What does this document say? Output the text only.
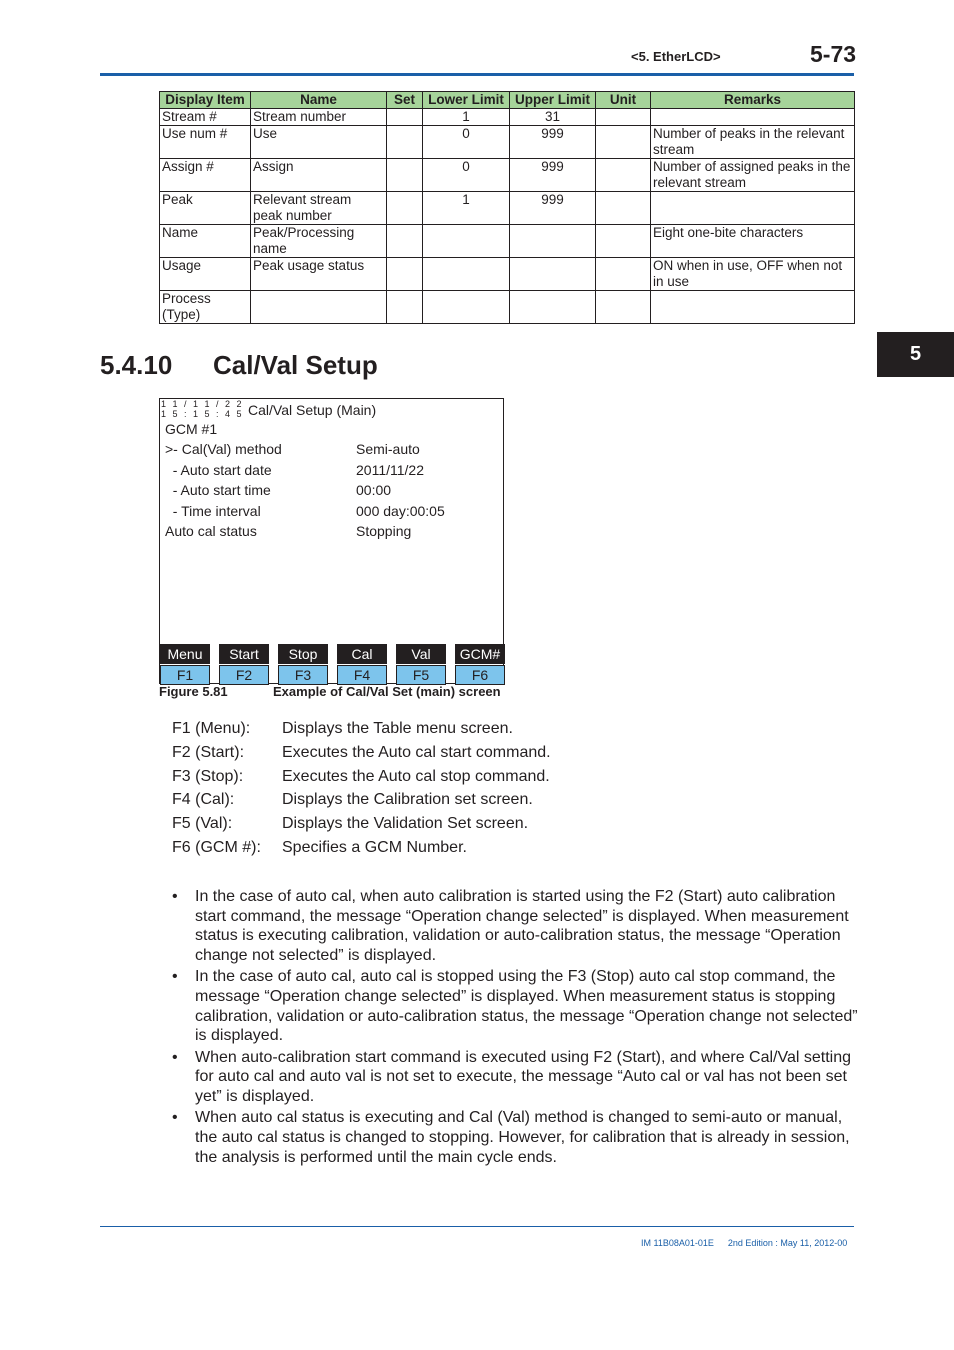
<5. EtherLCD>	5-73
5
Display Item	Name	Set	Lower Limit	Upper Limit	Unit	Remarks
Stream #	Stream number		1	31		
Use num #	Use		0	999		Number of peaks in the relevant stream
Assign #	Assign		0	999		Number of assigned peaks in the relevant stream
Peak	Relevant stream peak number		1	999		
Name	Peak/Processing name					Eight one-bite characters
Usage	Peak usage status					ON when in use, OFF when not in use
Process (Type)						
5.4.10 Cal/Val Setup
1 1 / 1 1 / 2 2
1 5 : 1 5 : 4 5 Cal/Val Setup (Main)
GCM #1
>- Cal(Val) method	Semi-auto
- Auto start date	2011/11/22
- Auto start time	00:00
- Time interval	000 day:00:05
Auto cal status	Stopping
Menu	Start	Stop	Cal	Val	GCM#
F1	F2	F3	F4	F5	F6
Figure 5.81	Example of Cal/Val Set (main) screen
F1 (Menu): Displays the Table menu screen.
F2 (Start): Executes the Auto cal start command.
F3 (Stop): Executes the Auto cal stop command.
F4 (Cal):	Displays the Calibration set screen.
F5 (Val):	Displays the Validation Set screen.
F6 (GCM #): Specifies a GCM Number.
• In the case of auto cal, when auto calibration is started using the F2 (Start) auto calibration start command, the message “Operation change selected” is displayed. When measurement status is executing calibration, validation or auto-calibration status, the message “Operation change not selected” is displayed.
• In the case of auto cal, auto cal is stopped using the F3 (Stop) auto cal stop command, the message “Operation change selected” is displayed. When measurement status is stopping calibration, validation or auto-calibration status, the message “Operation change not selected” is displayed.
• When auto-calibration start command is executed using F2 (Start), and where Cal/Val setting for auto cal and auto val is not set to execute, the message “Auto cal or val has not been set yet” is displayed.
• When auto cal status is executing and Cal (Val) method is changed to semi-auto or manual, the auto cal status is changed to stopping. However, for calibration that is already in session, the analysis is performed until the main cycle ends.
IM 11B08A01-01E 2nd Edition : May 11, 2012-00
